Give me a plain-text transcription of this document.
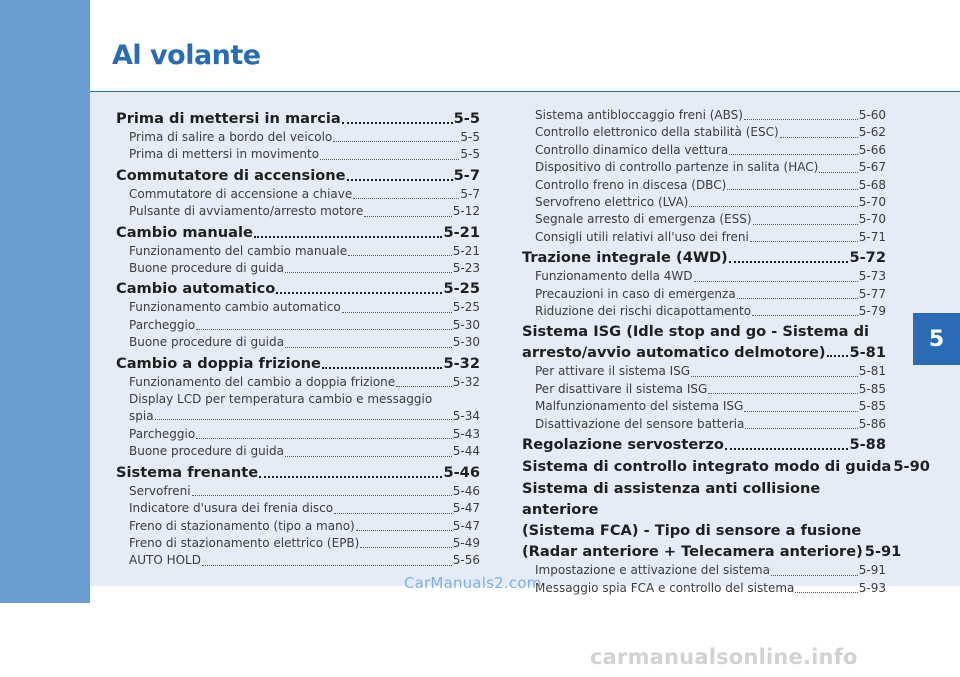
Al volante
5
Prima di mettersi in marcia	5-5
Prima di salire a bordo del veicolo	5-5
Prima di mettersi in movimento	5-5
Commutatore di accensione	5-7
Commutatore di accensione a chiave	5-7
Pulsante di avviamento/arresto motore	5-12
Cambio manuale	5-21
Funzionamento del cambio manuale	5-21
Buone procedure di guida	5-23
Cambio automatico	5-25
Funzionamento cambio automatico	5-25
Parcheggio	5-30
Buone procedure di guida	5-30
Cambio a doppia frizione	5-32
Funzionamento del cambio a doppia frizione	5-32
Display LCD per temperatura cambio e messaggio
spia	5-34
Parcheggio	5-43
Buone procedure di guida	5-44
Sistema frenante	5-46
Servofreni	5-46
Indicatore d'usura dei frenia disco	5-47
Freno di stazionamento (tipo a mano)	5-47
Freno di stazionamento elettrico (EPB)	5-49
AUTO HOLD	5-56
Sistema antibloccaggio freni (ABS)	5-60
Controllo elettronico della stabilità (ESC)	5-62
Controllo dinamico della vettura	5-66
Dispositivo di controllo partenze in salita (HAC)	5-67
Controllo freno in discesa (DBC)	5-68
Servofreno elettrico (LVA)	5-70
Segnale arresto di emergenza (ESS)	5-70
Consigli utili relativi all'uso dei freni	5-71
Trazione integrale (4WD)	5-72
Funzionamento della 4WD	5-73
Precauzioni in caso di emergenza	5-77
Riduzione dei rischi dicapottamento	5-79
Sistema ISG (Idle stop and go - Sistema di
arresto/avvio automatico delmotore) 5-81
Per attivare il sistema ISG	5-81
Per disattivare il sistema ISG	5-85
Malfunzionamento del sistema ISG	5-85
Disattivazione del sensore batteria	5-86
Regolazione servosterzo	5-88
Sistema di controllo integrato modo di guida 5-90
Sistema di assistenza anti collisione anteriore
(Sistema FCA) - Tipo di sensore a fusione
(Radar anteriore + Telecamera anteriore) 5-91
Impostazione e attivazione del sistema	5-91
Messaggio spia FCA e controllo del sistema	5-93
CarManuals2.com
carmanualsonline.info
